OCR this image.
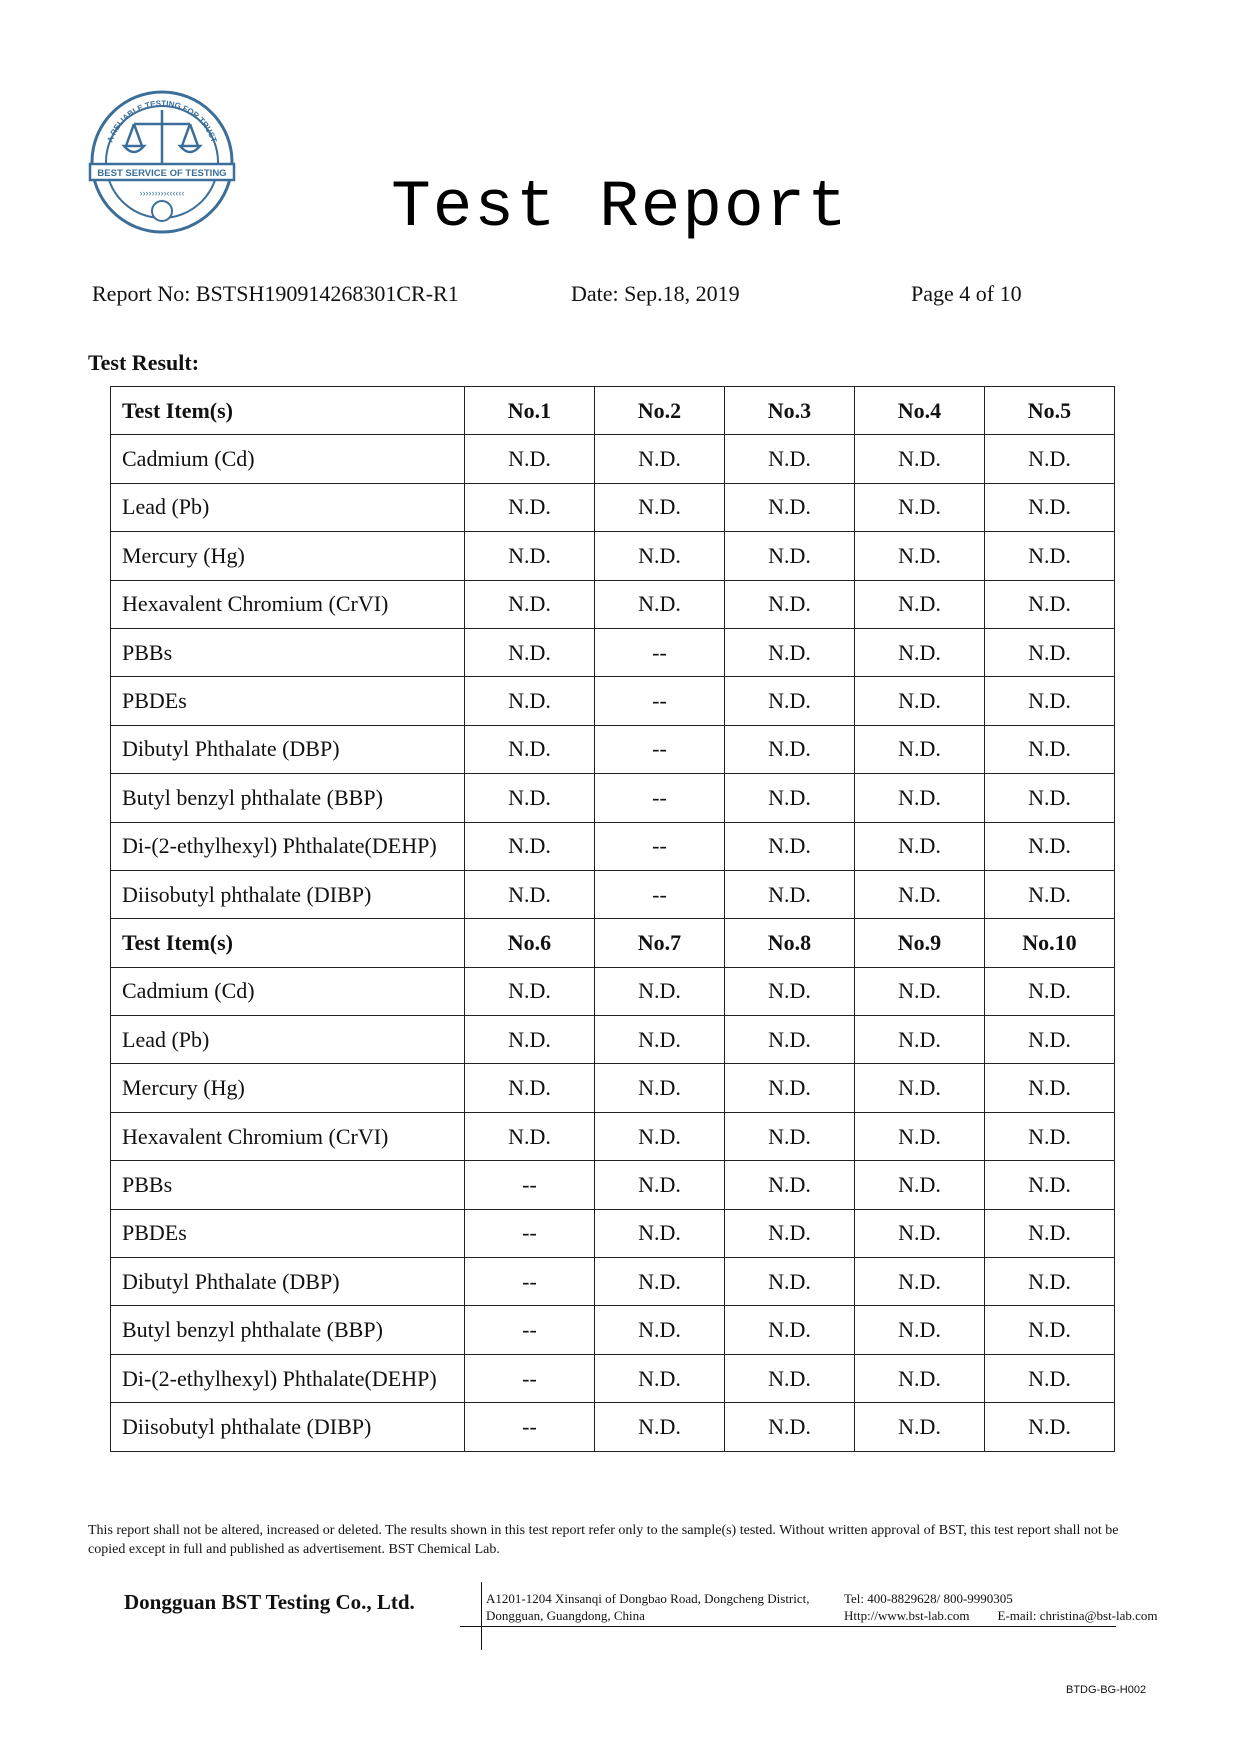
BEST SERVICE OF TESTING
›››››››››‹‹‹‹‹‹
A RELIABLE TESTING FOR TRUST
Test Report
Report No: BSTSH190914268301CR-R1	Date: Sep.18, 2019	Page 4 of 10
Test Result:
Test Item(s)	No.1	No.2	No.3	No.4	No.5
Cadmium (Cd)	N.D.	N.D.	N.D.	N.D.	N.D.
Lead (Pb)	N.D.	N.D.	N.D.	N.D.	N.D.
Mercury (Hg)	N.D.	N.D.	N.D.	N.D.	N.D.
Hexavalent Chromium (CrVI)	N.D.	N.D.	N.D.	N.D.	N.D.
PBBs	N.D.	--	N.D.	N.D.	N.D.
PBDEs	N.D.	--	N.D.	N.D.	N.D.
Dibutyl Phthalate (DBP)	N.D.	--	N.D.	N.D.	N.D.
Butyl benzyl phthalate (BBP)	N.D.	--	N.D.	N.D.	N.D.
Di-(2-ethylhexyl) Phthalate(DEHP)	N.D.	--	N.D.	N.D.	N.D.
Diisobutyl phthalate (DIBP)	N.D.	--	N.D.	N.D.	N.D.
Test Item(s)	No.6	No.7	No.8	No.9	No.10
Cadmium (Cd)	N.D.	N.D.	N.D.	N.D.	N.D.
Lead (Pb)	N.D.	N.D.	N.D.	N.D.	N.D.
Mercury (Hg)	N.D.	N.D.	N.D.	N.D.	N.D.
Hexavalent Chromium (CrVI)	N.D.	N.D.	N.D.	N.D.	N.D.
PBBs	--	N.D.	N.D.	N.D.	N.D.
PBDEs	--	N.D.	N.D.	N.D.	N.D.
Dibutyl Phthalate (DBP)	--	N.D.	N.D.	N.D.	N.D.
Butyl benzyl phthalate (BBP)	--	N.D.	N.D.	N.D.	N.D.
Di-(2-ethylhexyl) Phthalate(DEHP)	--	N.D.	N.D.	N.D.	N.D.
Diisobutyl phthalate (DIBP)	--	N.D.	N.D.	N.D.	N.D.
This report shall not be altered, increased or deleted. The results shown in this test report refer only to the sample(s) tested. Without written approval of BST, this test report shall not be copied except in full and published as advertisement. BST Chemical Lab.
Dongguan BST Testing Co., Ltd.	A1201-1204 Xinsanqi of Dongbao Road, Dongcheng District,
Dongguan, Guangdong, China
Tel: 400-8829628/ 800-9990305
Http://www.bst-lab.com E-mail: christina@bst-lab.com
BTDG-BG-H002
